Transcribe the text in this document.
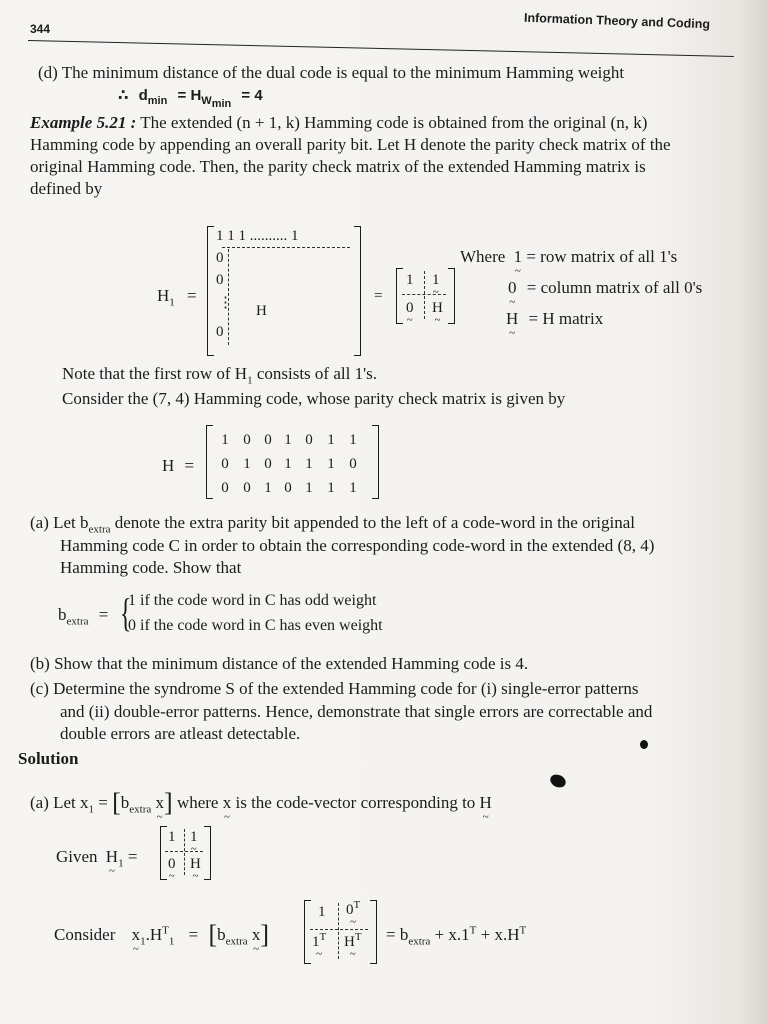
344	Information Theory and Coding
(d) The minimum distance of the dual code is equal to the minimum Hamming weight
∴ $d_{min} = H_{W_{min}} = 4$
Example 5.21 : The extended (n + 1, k) Hamming code is obtained from the original (n, k)
Hamming code by appending an overall parity bit. Let H denote the parity check matrix of the
original Hamming code. Then, the parity check matrix of the extended Hamming matrix is
defined by
$H_1$ =
1 1 1 .......... 1
0
0
⋮
0
H
=
1 1 ~
0 ~ H ~
Where 1 ~ = row matrix of all 1's
0 ~ = column matrix of all 0's
H ~ = H matrix
Note that the first row of $H_1$ consists of all 1's.
Consider the (7, 4) Hamming code, whose parity check matrix is given by
H =
1 0 0 1 0 1 1
0 1 0 1 1 1 0
0 0 1 0 1 1 1
(a) Let $b_{extra}$ denote the extra parity bit appended to the left of a code-word in the original
Hamming code C in order to obtain the corresponding code-word in the extended (8, 4)
Hamming code. Show that
$b_{extra}$ = {
1 if the code word in C has odd weight
0 if the code word in C has even weight
(b) Show that the minimum distance of the extended Hamming code is 4.
(c) Determine the syndrome S of the extended Hamming code for (i) single-error patterns
and (ii) double-error patterns. Hence, demonstrate that single errors are correctable and
double errors are atleast detectable.
Solution
(a) Let $x_1 = [b_{extra}$ x ~] where x ~ is the code-vector corresponding to H ~
Given H $\sim_1$ =
1 1 ~
0 ~ H ~
Consider x $\sim_1.H^T_1 = [b_{extra}$ x ~]
1 $0^T$ ~
$1^T$ ~ $H^T$ ~ = $b_{extra} + x.1^T + x.H^T$
